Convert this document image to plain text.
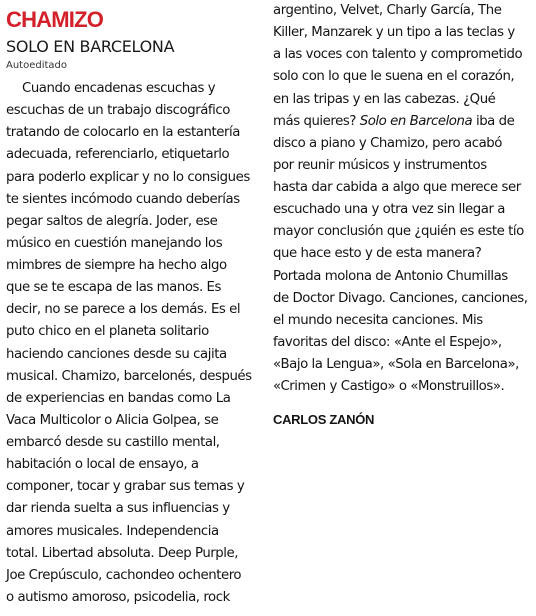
CHAMIZO
SOLO EN BARCELONA
Autoeditado
Cuando encadenas escuchas y
escuchas de un trabajo discográfico
tratando de colocarlo en la estantería
adecuada, referenciarlo, etiquetarlo
para poderlo explicar y no lo consigues
te sientes incómodo cuando deberías
pegar saltos de alegría. Joder, ese
músico en cuestión manejando los
mimbres de siempre ha hecho algo
que se te escapa de las manos. Es
decir, no se parece a los demás. Es el
puto chico en el planeta solitario
haciendo canciones desde su cajita
musical. Chamizo, barcelonés, después
de experiencias en bandas como La
Vaca Multicolor o Alicia Golpea, se
embarcó desde su castillo mental,
habitación o local de ensayo, a
componer, tocar y grabar sus temas y
dar rienda suelta a sus influencias y
amores musicales. Independencia
total. Libertad absoluta. Deep Purple,
Joe Crepúsculo, cachondeo ochentero
o autismo amoroso, psicodelia, rock
argentino, Velvet, Charly García, The
Killer, Manzarek y un tipo a las teclas y
a las voces con talento y comprometido
solo con lo que le suena en el corazón,
en las tripas y en las cabezas. ¿Qué
más quieres? Solo en Barcelona iba de
disco a piano y Chamizo, pero acabó
por reunir músicos y instrumentos
hasta dar cabida a algo que merece ser
escuchado una y otra vez sin llegar a
mayor conclusión que ¿quién es este tío
que hace esto y de esta manera?
Portada molona de Antonio Chumillas
de Doctor Divago. Canciones, canciones,
el mundo necesita canciones. Mis
favoritas del disco: «Ante el Espejo»,
«Bajo la Lengua», «Sola en Barcelona»,
«Crimen y Castigo» o «Monstruillos».
CARLOS ZANÓN
